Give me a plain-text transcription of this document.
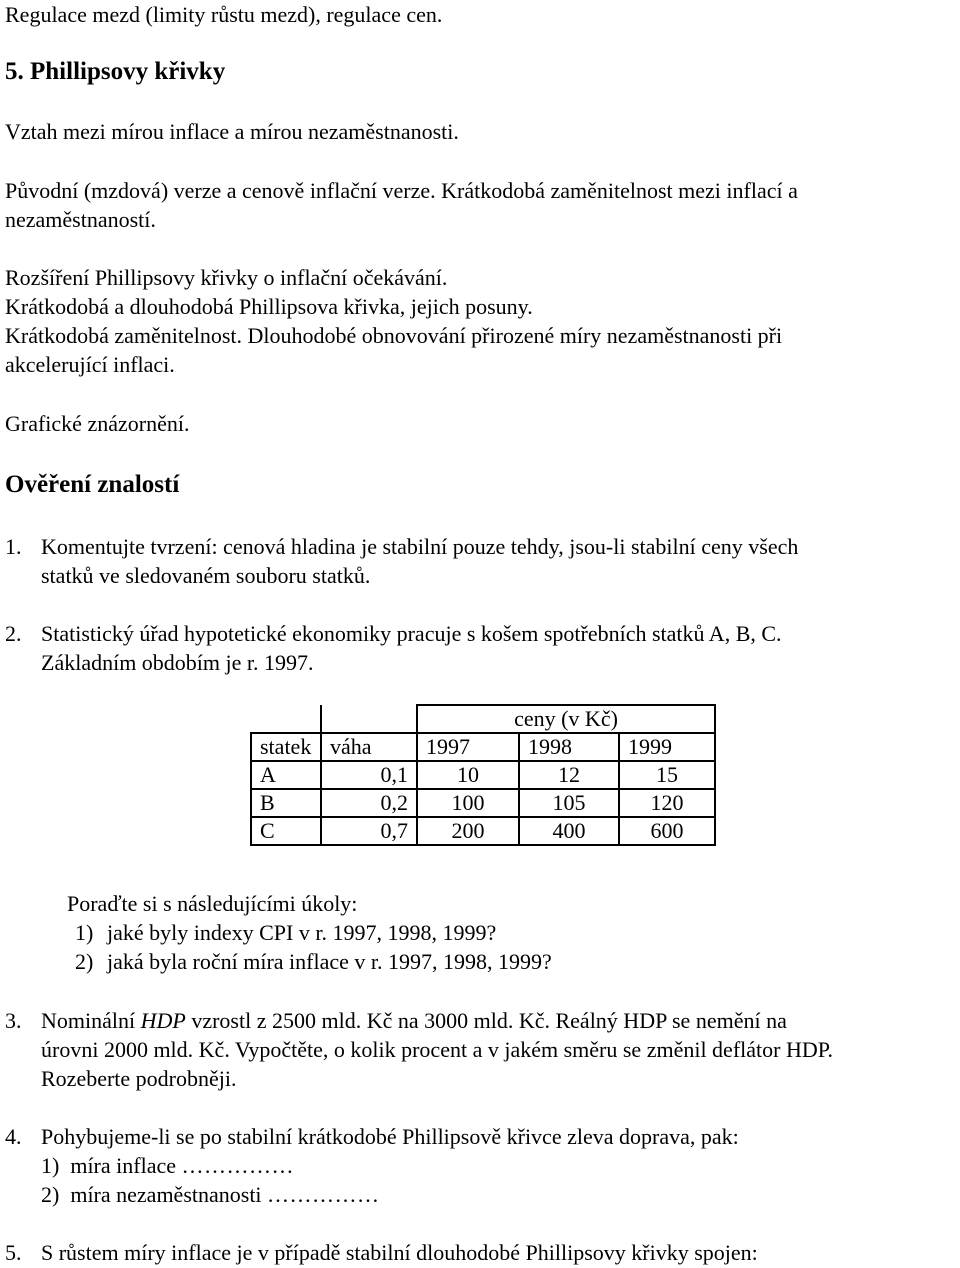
Regulace mezd (limity růstu mezd), regulace cen.
5. Phillipsovy křivky
Vztah mezi mírou inflace a mírou nezaměstnanosti.
Původní (mzdová) verze a cenově inflační verze. Krátkodobá zaměnitelnost mezi inflací a
nezaměstnaností.
Rozšíření Phillipsovy křivky o inflační očekávání.
Krátkodobá a dlouhodobá Phillipsova křivka, jejich posuny.
Krátkodobá zaměnitelnost. Dlouhodobé obnovování přirozené míry nezaměstnanosti při
akcelerující inflaci.
Grafické znázornění.
Ověření znalostí
1. Komentujte tvrzení: cenová hladina je stabilní pouze tehdy, jsou-li stabilní ceny všech
statků ve sledovaném souboru statků.
2. Statistický úřad hypotetické ekonomiky pracuje s košem spotřebních statků A, B, C.
Základním obdobím je r. 1997.
		ceny (v Kč)		
statek	váha	1997	1998	1999
A	0,1	10	12	15
B	0,2	100	105	120
C	0,7	200	400	600
Poraďte si s následujícími úkoly:
1) jaké byly indexy CPI v r. 1997, 1998, 1999?
2) jaká byla roční míra inflace v r. 1997, 1998, 1999?
3. Nominální HDP vzrostl z 2500 mld. Kč na 3000 mld. Kč. Reálný HDP se nemění na
úrovni 2000 mld. Kč. Vypočtěte, o kolik procent a v jakém směru se změnil deflátor HDP.
Rozeberte podrobněji.
4. Pohybujeme-li se po stabilní krátkodobé Phillipsově křivce zleva doprava, pak:
1) míra inflace ……………
2) míra nezaměstnanosti ……………
5. S růstem míry inflace je v případě stabilní dlouhodobé Phillipsovy křivky spojen:
